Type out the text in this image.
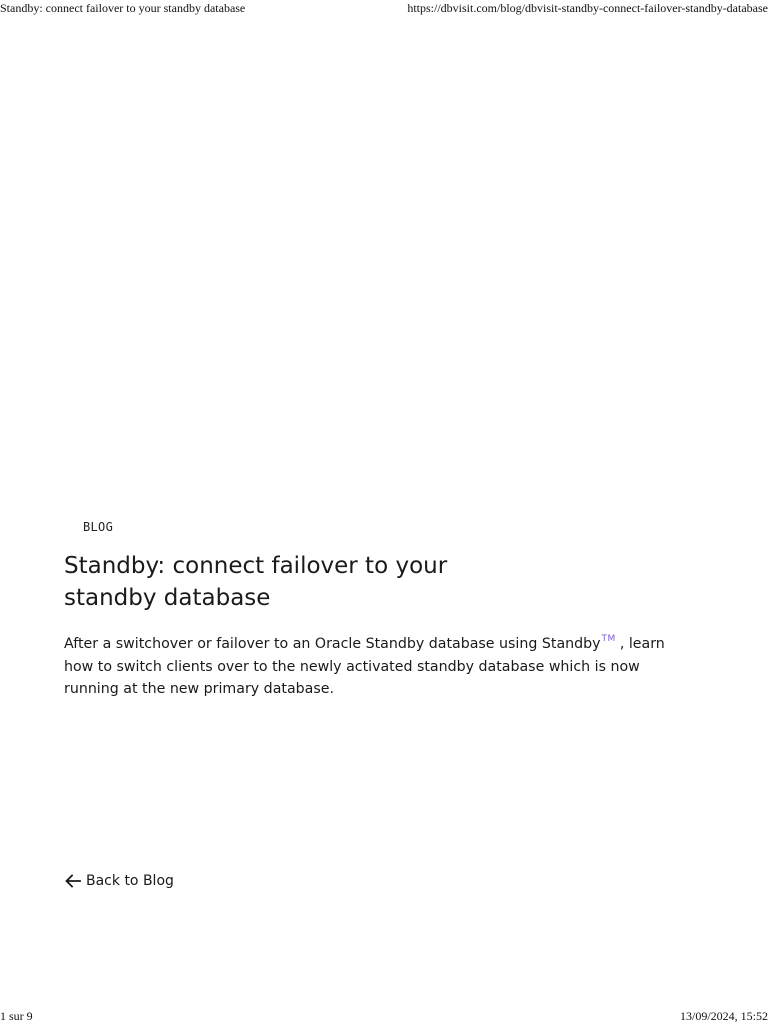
Standby: connect failover to your standby database	https://dbvisit.com/blog/dbvisit-standby-connect-failover-standby-database
BLOG
Standby: connect failover to your standby database

After a switchover or failover to an Oracle Standby database using Standby™ , learn how to switch clients over to the newly activated standby database which is now running at the new primary database.

Back to Blog
1 sur 9	13/09/2024, 15:52
